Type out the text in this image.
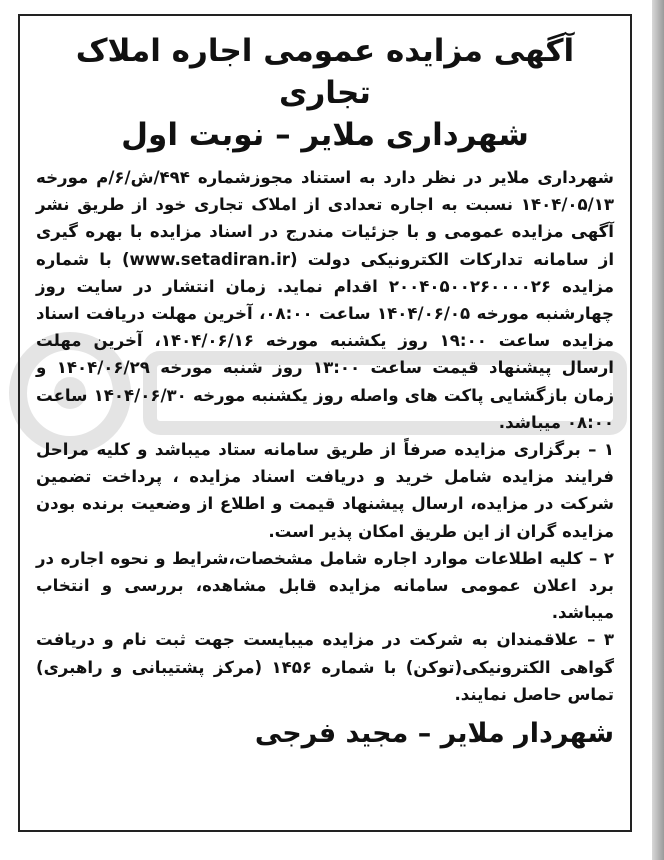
آگهی مزایده عمومی اجاره املاک تجاری
شهرداری ملایر – نوبت اول

شهرداری ملایر در نظر دارد به استناد مجوزشماره ۴۹۴/ش/۶/م مورخه ۱۴۰۴/۰۵/۱۳ نسبت به اجاره تعدادی از املاک تجاری خود از طریق نشر آگهی مزایده عمومی و با جزئیات مندرج در اسناد مزایده با بهره گیری از سامانه تدارکات الکترونیکی دولت (www.setadiran.ir) با شماره مزایده ۲۰۰۴۰۵۰۰۲۶۰۰۰۰۲۶ اقدام نماید. زمان انتشار در سایت روز چهارشنبه مورخه ۱۴۰۴/۰۶/۰۵ ساعت ۰۸:۰۰، آخرین مهلت دریافت اسناد مزایده ساعت ۱۹:۰۰ روز یکشنبه مورخه ۱۴۰۴/۰۶/۱۶، آخرین مهلت ارسال پیشنهاد قیمت ساعت ۱۳:۰۰ روز شنبه مورخه ۱۴۰۴/۰۶/۲۹ و زمان بازگشایی پاکت های واصله روز یکشنبه مورخه ۱۴۰۴/۰۶/۳۰ ساعت ۰۸:۰۰ میباشد.

۱ – برگزاری مزایده صرفاً از طریق سامانه ستاد میباشد و کلیه مراحل فرایند مزایده شامل خرید و دریافت اسناد مزایده ، پرداخت تضمین شرکت در مزایده، ارسال پیشنهاد قیمت و اطلاع از وضعیت برنده بودن مزایده گران از این طریق امکان پذیر است.

۲ – کلیه اطلاعات موارد اجاره شامل مشخصات،شرایط و نحوه اجاره در برد اعلان عمومی سامانه مزایده قابل مشاهده، بررسی و انتخاب میباشد.

۳ – علاقمندان به شرکت در مزایده میبایست جهت ثبت نام و دریافت گواهی الکترونیکی(توکن) با شماره ۱۴۵۶ (مرکز پشتیبانی و راهبری) تماس حاصل نمایند.

شهردار ملایر – مجید فرجی
